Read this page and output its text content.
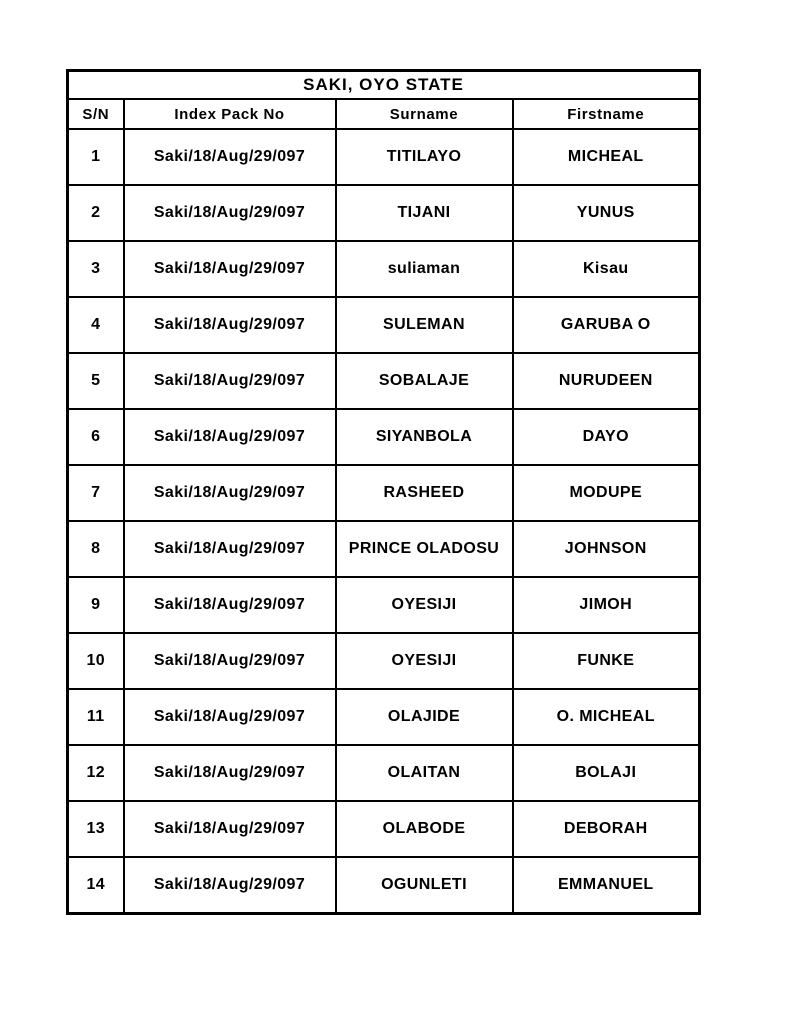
SAKI, OYO STATE			
S/N	Index Pack No	Surname	Firstname
1	Saki/18/Aug/29/097	TITILAYO	MICHEAL
2	Saki/18/Aug/29/097	TIJANI	YUNUS
3	Saki/18/Aug/29/097	suliaman	Kisau
4	Saki/18/Aug/29/097	SULEMAN	GARUBA O
5	Saki/18/Aug/29/097	SOBALAJE	NURUDEEN
6	Saki/18/Aug/29/097	SIYANBOLA	DAYO
7	Saki/18/Aug/29/097	RASHEED	MODUPE
8	Saki/18/Aug/29/097	PRINCE OLADOSU	JOHNSON
9	Saki/18/Aug/29/097	OYESIJI	JIMOH
10	Saki/18/Aug/29/097	OYESIJI	FUNKE
11	Saki/18/Aug/29/097	OLAJIDE	O. MICHEAL
12	Saki/18/Aug/29/097	OLAITAN	BOLAJI
13	Saki/18/Aug/29/097	OLABODE	DEBORAH
14	Saki/18/Aug/29/097	OGUNLETI	EMMANUEL
